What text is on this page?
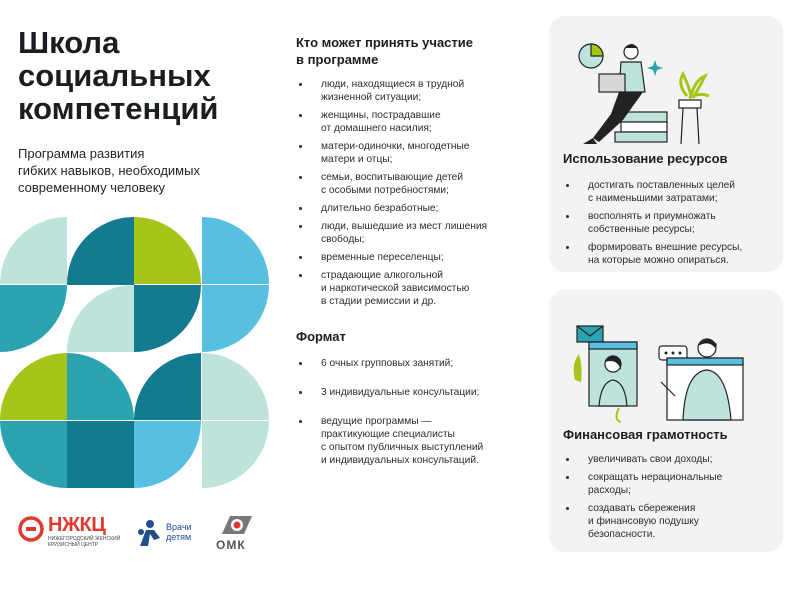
Школа
социальных
компетенций
Программа развития
гибких навыков, необходимых
современному человеку
НЖКЦ
НИЖЕГОРОДСКИЙ ЖЕНСКИЙ КРИЗИСНЫЙ ЦЕНТР
Врачи
детям
ОМК
Кто может принять участие
в программе
люди, находящиеся в трудной
жизненной ситуации;
женщины, пострадавшие
от домашнего насилия;
матери-одиночки, многодетные
матери и отцы;
семьи, воспитывающие детей
с особыми потребностями;
длительно безработные;
люди, вышедшие из мест лишения
свободы;
временные переселенцы;
страдающие алкогольной
и наркотической зависимостью
в стадии ремиссии и др.
Формат
6 очных групповых занятий;
3 индивидуальные консультации;
ведущие программы —
практикующие специалисты
с опытом публичных выступлений
и индивидуальных консультаций.
Использование ресурсов
достигать поставленных целей
с наименьшими затратами;
восполнять и приумножать
собственные ресурсы;
формировать внешние ресурсы,
на которые можно опираться.
Финансовая грамотность
увеличивать свои доходы;
сокращать нерациональные
расходы;
создавать сбережения
и финансовую подушку
безопасности.
